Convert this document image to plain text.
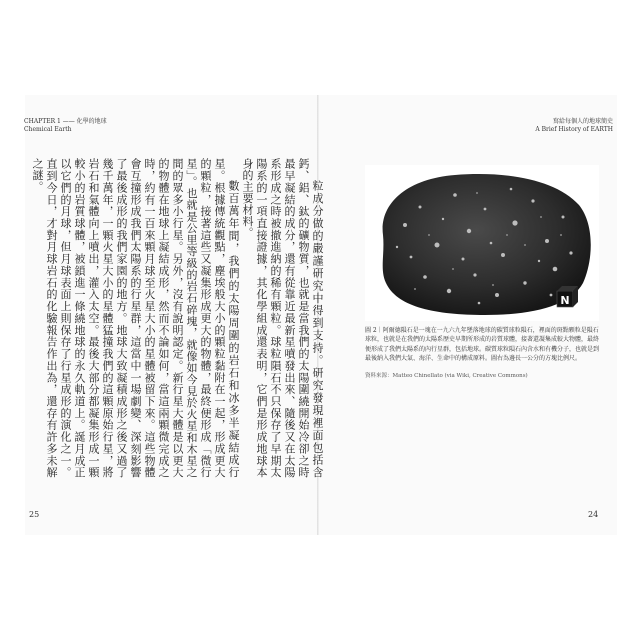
CHAPTER 1 —— 化學的地球
Chemical Earth
寫給每個人的地球簡史
A Brief History of EARTH

粒成分做的嚴謹研究中得到支持。研究發現裡面包括含鈣、鋁、鈦的礦物質，也就是當我們的太陽圍繞開始冷卻之時最早凝結的成分，還有從靠近最新星噴發出來、隨後又在太陽系形成之時被撤進納的稀有顆粒。球粒隕石不只保存了早期太陽系的一項直接證據，其化學組成還表明，它們是形成地球本身的主要材料。

數百萬年間，我們的太陽周圍的岩石和冰多半凝結成行星。根據傳統觀點，塵埃般大小的顆粒黏附在一起，形成更大的顆粒，接著這些又凝集形成更大的物體，最終便形成「微行星」。也就是公里等級的岩石碎塊，就像如今見於火星和木星之間的眾多小行星。另外，沒有說明認定。新行星大體是以更大的物體在地球上凝結成形，然而不論如何，當這兩顆微完成之時，約有一百來顆月球至火星大小的星體被留下來。這些物體會互撞形成我們太陽系的行星群，這當中一場劇變、深刻影響了最後成形的我們家園的地方。地球大致凝積成形之後又過了幾千萬年，一顆火星大小的星體猛撞我們的這顆原始行星，將岩石和氣體向上噴出，灌入太空。最後大部分都凝集形成一顆較小的岩質球體，被鎖進一條繞地球的永久軌道上。誕月成正以它們的月球，但月球表面上則保存了行星成形的演化之一。直到今日，才對月球岩石的化驗報告作出為，還存有許多未解之謎。

N
圖 2｜阿爾德隕石是一塊在一九六九年墜落地球的碳質球粒隕石，裡面的斑點顆粒是隕石球粒，也就是在我們的太陽系歷史早期所形成的岩質球體，接著還凝集成較大物體，最終便形成了我們太陽系的內行星群，包括地球。碳質球粒隕石內含水和有機分子，也就是到最後納入我們大氣、海洋、生命中的構成原料。圖右為邊長一公分的方塊比例尺。
資料來源：Matteo Chinellato (via Wiki, Creative Commons)
25	24
